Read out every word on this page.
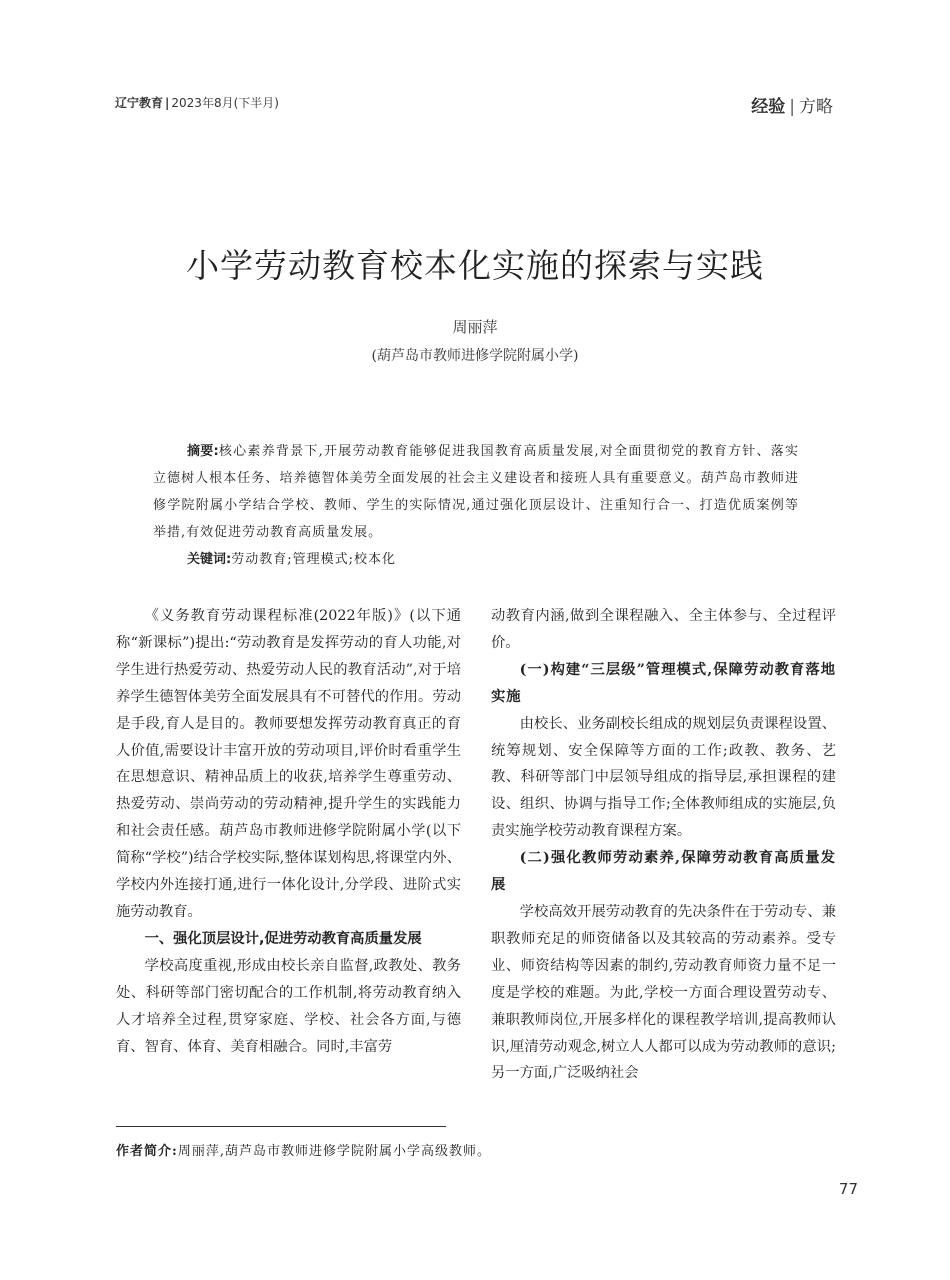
辽宁教育 | 2023年8月(下半月)	经验 | 方略
小学劳动教育校本化实施的探索与实践
周丽萍
(葫芦岛市教师进修学院附属小学)

摘要:核心素养背景下,开展劳动教育能够促进我国教育高质量发展,对全面贯彻党的教育方针、落实立德树人根本任务、培养德智体美劳全面发展的社会主义建设者和接班人具有重要意义。葫芦岛市教师进修学院附属小学结合学校、教师、学生的实际情况,通过强化顶层设计、注重知行合一、打造优质案例等举措,有效促进劳动教育高质量发展。

关键词:劳动教育;管理模式;校本化

《义务教育劳动课程标准(2022年版)》(以下通称“新课标”)提出:“劳动教育是发挥劳动的育人功能,对学生进行热爱劳动、热爱劳动人民的教育活动”,对于培养学生德智体美劳全面发展具有不可替代的作用。劳动是手段,育人是目的。教师要想发挥劳动教育真正的育人价值,需要设计丰富开放的劳动项目,评价时看重学生在思想意识、精神品质上的收获,培养学生尊重劳动、热爱劳动、崇尚劳动的劳动精神,提升学生的实践能力和社会责任感。葫芦岛市教师进修学院附属小学(以下简称“学校”)结合学校实际,整体谋划构思,将课堂内外、学校内外连接打通,进行一体化设计,分学段、进阶式实施劳动教育。

一、强化顶层设计,促进劳动教育高质量发展

学校高度重视,形成由校长亲自监督,政教处、教务处、科研等部门密切配合的工作机制,将劳动教育纳入人才培养全过程,贯穿家庭、学校、社会各方面,与德育、智育、体育、美育相融合。同时,丰富劳

动教育内涵,做到全课程融入、全主体参与、全过程评价。

(一)构建“三层级”管理模式,保障劳动教育落地实施

由校长、业务副校长组成的规划层负责课程设置、统筹规划、安全保障等方面的工作;政教、教务、艺教、科研等部门中层领导组成的指导层,承担课程的建设、组织、协调与指导工作;全体教师组成的实施层,负责实施学校劳动教育课程方案。

(二)强化教师劳动素养,保障劳动教育高质量发展

学校高效开展劳动教育的先决条件在于劳动专、兼职教师充足的师资储备以及其较高的劳动素养。受专业、师资结构等因素的制约,劳动教育师资力量不足一度是学校的难题。为此,学校一方面合理设置劳动专、兼职教师岗位,开展多样化的课程教学培训,提高教师认识,厘清劳动观念,树立人人都可以成为劳动教师的意识;另一方面,广泛吸纳社会

作者简介:周丽萍,葫芦岛市教师进修学院附属小学高级教师。
77
